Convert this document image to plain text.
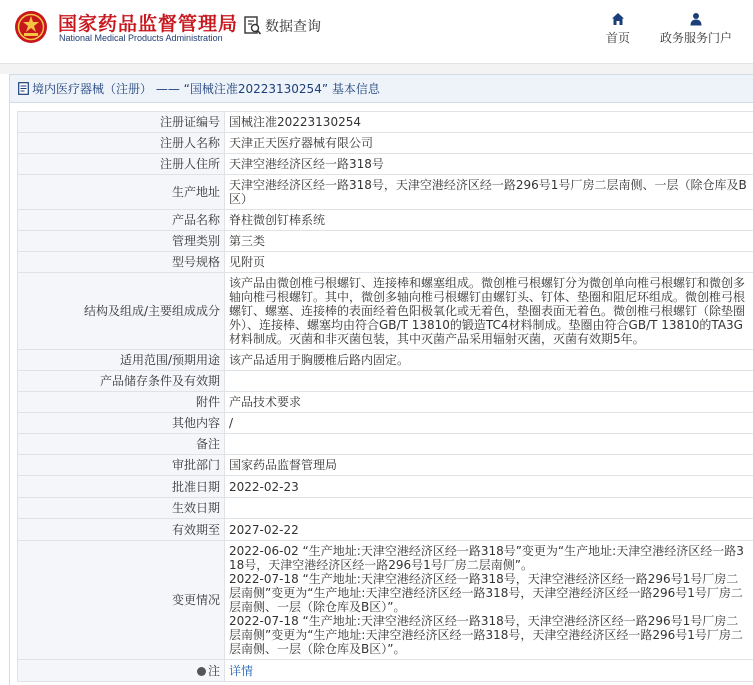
国家药品监督管理局
National Medical Products Administration
数据查询
首页 政务服务门户
境内医疗器械（注册） —— “国械注准20223130254” 基本信息
注册证编号	国械注准20223130254
注册人名称	天津正天医疗器械有限公司
注册人住所	天津空港经济区经一路318号
生产地址	天津空港经济区经一路318号，天津空港经济区经一路296号1号厂房二层南侧、一层（除仓库及B区）
产品名称	脊柱微创钉棒系统
管理类别	第三类
型号规格	见附页
结构及组成/主要组成成分	该产品由微创椎弓根螺钉、连接棒和螺塞组成。微创椎弓根螺钉分为微创单向椎弓根螺钉和微创多轴向椎弓根螺钉。其中，微创多轴向椎弓根螺钉由螺钉头、钉体、垫圈和阻尼环组成。微创椎弓根螺钉、螺塞、连接棒的表面经着色阳极氧化或无着色，垫圈表面无着色。微创椎弓根螺钉（除垫圈外）、连接棒、螺塞均由符合GB/T 13810的锻造TC4材料制成。垫圈由符合GB/T 13810的TA3G材料制成。灭菌和非灭菌包装，其中灭菌产品采用辐射灭菌，灭菌有效期5年。
适用范围/预期用途	该产品适用于胸腰椎后路内固定。
产品储存条件及有效期	
附件	产品技术要求
其他内容	/
备注	
审批部门	国家药品监督管理局
批准日期	2022-02-23
生效日期	
有效期至	2027-02-22
变更情况	2022-06-02 “生产地址:天津空港经济区经一路318号”变更为“生产地址:天津空港经济区经一路318号，天津空港经济区经一路296号1号厂房二层南侧”。
2022-07-18 “生产地址:天津空港经济区经一路318号，天津空港经济区经一路296号1号厂房二层南侧”变更为“生产地址:天津空港经济区经一路318号，天津空港经济区经一路296号1号厂房二层南侧、一层（除仓库及B区）”。
2022-07-18 “生产地址:天津空港经济区经一路318号，天津空港经济区经一路296号1号厂房二层南侧”变更为“生产地址:天津空港经济区经一路318号，天津空港经济区经一路296号1号厂房二层南侧、一层（除仓库及B区）”。

注	详情
